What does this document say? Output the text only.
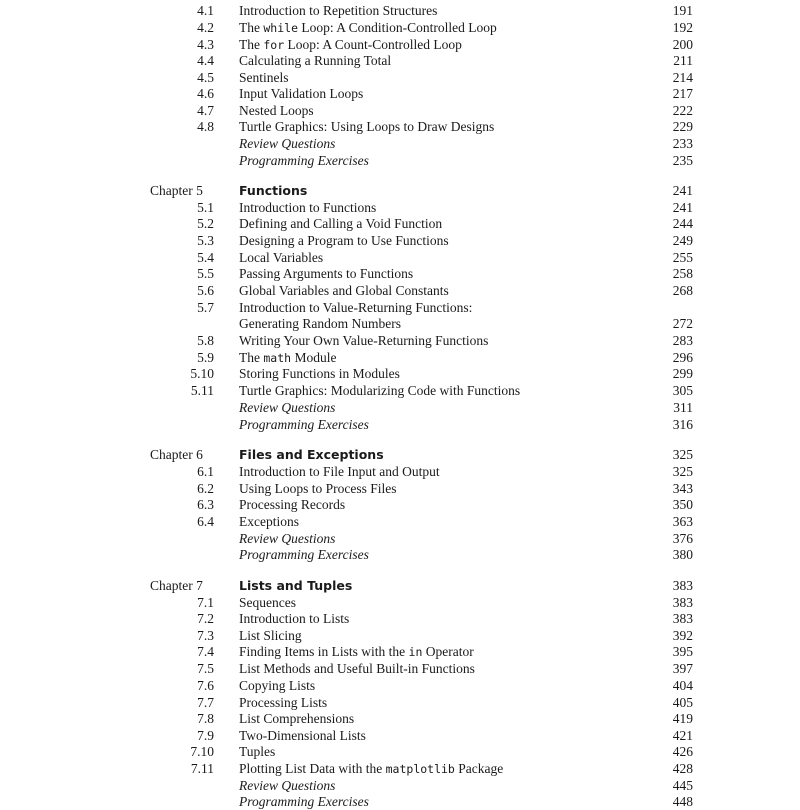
4.1 Introduction to Repetition Structures	191
4.2 The while Loop: A Condition-Controlled Loop	192
4.3 The for Loop: A Count-Controlled Loop	200
4.4 Calculating a Running Total	211
4.5 Sentinels	214
4.6 Input Validation Loops	217
4.7 Nested Loops	222
4.8 Turtle Graphics: Using Loops to Draw Designs	229
Review Questions	233
Programming Exercises	235
Chapter 5	Functions	241
5.1 Introduction to Functions	241
5.2 Defining and Calling a Void Function	244
5.3 Designing a Program to Use Functions	249
5.4 Local Variables	255
5.5 Passing Arguments to Functions	258
5.6 Global Variables and Global Constants	268
5.7 Introduction to Value-Returning Functions:
Generating Random Numbers	272
5.8 Writing Your Own Value-Returning Functions	283
5.9 The math Module	296
5.10 Storing Functions in Modules	299
5.11 Turtle Graphics: Modularizing Code with Functions	305
Review Questions	311
Programming Exercises	316
Chapter 6	Files and Exceptions	325
6.1 Introduction to File Input and Output	325
6.2 Using Loops to Process Files	343
6.3 Processing Records	350
6.4 Exceptions	363
Review Questions	376
Programming Exercises	380
Chapter 7	Lists and Tuples	383
7.1 Sequences	383
7.2 Introduction to Lists	383
7.3 List Slicing	392
7.4 Finding Items in Lists with the in Operator	395
7.5 List Methods and Useful Built-in Functions	397
7.6 Copying Lists	404
7.7 Processing Lists	405
7.8 List Comprehensions	419
7.9 Two-Dimensional Lists	421
7.10 Tuples	426
7.11 Plotting List Data with the matplotlib Package	428
Review Questions	445
Programming Exercises	448
